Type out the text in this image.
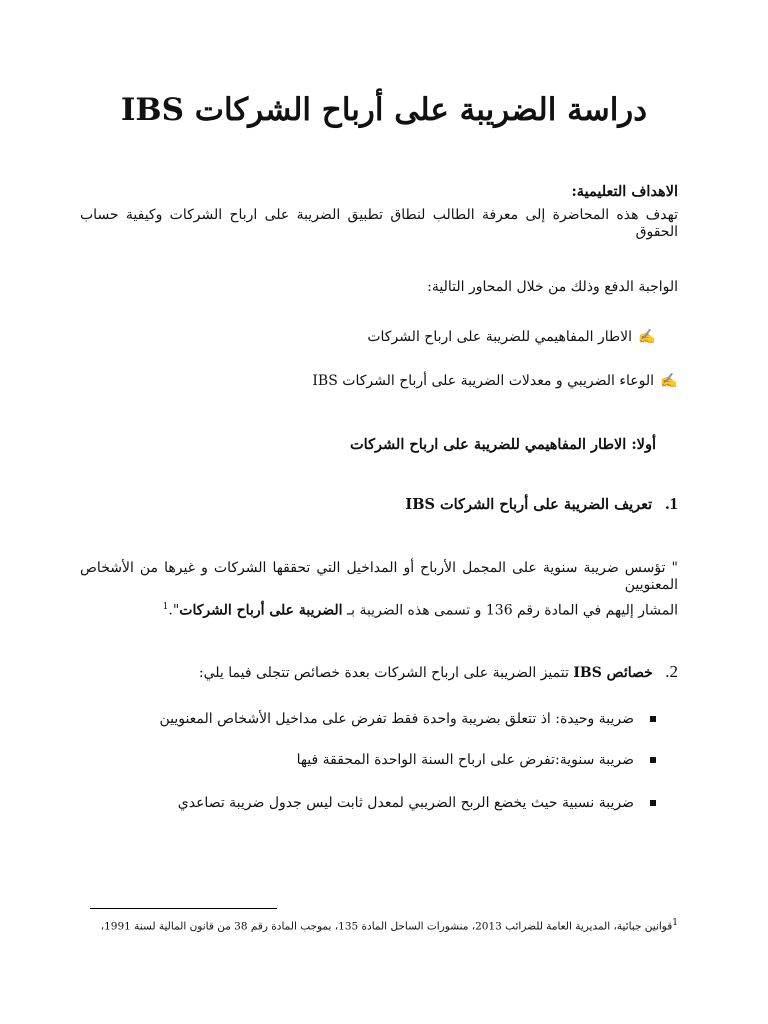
دراسة الضريبة على أرباح الشركات IBS
الاهداف التعليمية:
تهدف هذه المحاضرة إلى معرفة الطالب لنطاق تطبيق الضريبة على ارباح الشركات وكيفية حساب الحقوق
الواجبة الدفع وذلك من خلال المحاور التالية:
✍الاطار المفاهيمي للضريبة على ارباح الشركات
✍الوعاء الضريبي و معدلات الضريبة على أرباح الشركات IBS
أولا: الاطار المفاهيمي للضريبة على ارباح الشركات
1. تعريف الضريبة على أرباح الشركات IBS
" تؤسس ضريبة سنوية على المجمل الأرباح أو المداخيل التي تحققها الشركات و غيرها من الأشخاص المعنويين
المشار إليهم في المادة رقم 136 و تسمى هذه الضريبة بـ الضريبة على أرباح الشركات".$^1$
2. خصائص IBS تتميز الضريبة على ارباح الشركات بعدة خصائص تتجلى فيما يلي:
ضريبة وحيدة: اذ تتعلق بضريبة واحدة فقط تفرض على مداخيل الأشخاص المعنويين
ضريبة سنوية:تفرض على ارباح السنة الواحدة المحققة فيها
ضريبة نسبية حيث يخضع الربح الضريبي لمعدل ثابت ليس جدول ضريبة تصاعدي
$^1$قوانين جبائية، المديرية العامة للضرائب 2013، منشورات الساحل المادة 135، بموجب المادة رقم 38 من قانون المالية لسنة 1991،
